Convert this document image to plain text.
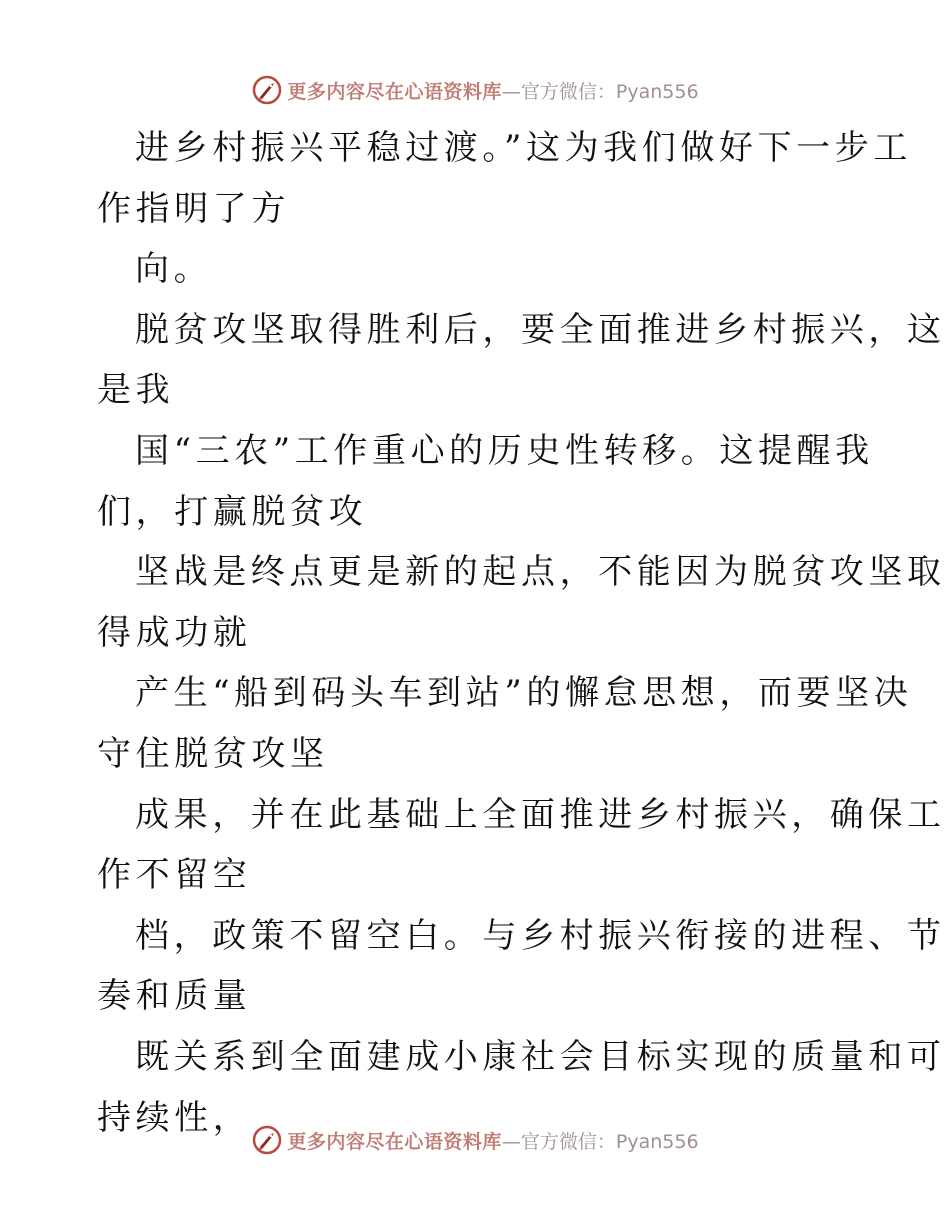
更多内容尽在心语资料库 —官方微信：Pyan556
进乡村振兴平稳过渡。”这为我们做好下一步工
作指明了方
向。
脱贫攻坚取得胜利后，要全面推进乡村振兴，这
是我
国“三农”工作重心的历史性转移。这提醒我
们，打赢脱贫攻
坚战是终点更是新的起点，不能因为脱贫攻坚取
得成功就
产生“船到码头车到站”的懈怠思想，而要坚决
守住脱贫攻坚
成果，并在此基础上全面推进乡村振兴，确保工
作不留空
档，政策不留空白。与乡村振兴衔接的进程、节
奏和质量
既关系到全面建成小康社会目标实现的质量和可
持续性，
更多内容尽在心语资料库 —官方微信：Pyan556
